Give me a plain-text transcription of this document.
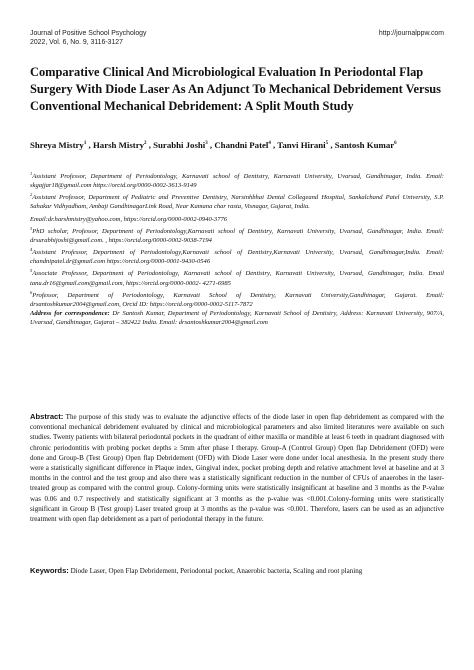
Journal of Positive School Psychology
2022, Vol. 6, No. 9, 3116-3127
http://journalppw.com
Comparative Clinical And Microbiological Evaluation In Periodontal Flap Surgery With Diode Laser As An Adjunct To Mechanical Debridement Versus Conventional Mechanical Debridement: A Split Mouth Study
Shreya Mistry$^1$ , Harsh Mistry$^2$ , Surabhi Joshi$^3$ , Chandni Patel$^4$ , Tanvi Hirani$^5$ , Santosh Kumar$^6$

$^1$Assistant Professor, Department of Periodontology, Karnavati school of Dentistry, Karnavati University, Uvarsad, Gandhinagar, India. Email: skgajjar18@gmail.com https://orcid.org/0000-0002-3613-9149

$^2$Assistant Professor, Department of Pediatric and Preventive Dentistry, Narsinhbhai Dental Collegeand Hospital, Sankalchand Patel University, S.P. Sahakar Vidhyadham, Ambaji GandhinagarLink Road, Near Kamana char rasta, Visnagar, Gujarat, India.

Email:dr.harshmistry@yahoo.com, https://orcid.org/0000-0002-0940-3776

$^3$PhD scholar, Professor, Department of Periodontology,Karnavati school of Dentistry, Karnavati University, Uvarsad, Gandhinagar, India. Email: drsurabhijoshi@gmail.com. , https://orcid.org/0000-0002-9038-7194

$^4$Assistant Professor, Department of Periodontology,Karnavati school of Dentistry,Karnavati University, Uvarsad, Gandhinagar,India. Email: chandnipatel.dr@gmail.com https://orcid.org/0000-0001-9430-0546

$^5$Associate Professor, Department of Periodontology, Karnavati school of Dentistry, Karnavati University, Uvarsad, Gandhinagar, India. Email tanu.dr16@gmail.com@gmail.com, https://orcid.org/0000-0002- 4271-6985

$^6$Professor, Department of Periodontology, Karnavati School of Dentistry, Karnavati University,Gandhinagar, Gujarat. Email: drsantoshkumar2004@gmail.com, Orcid ID: https://orcid.org/0000-0002-5117-7872

Address for correspondence: Dr Santosh Kumar, Department of Periodontology, Karnavati School of Dentistry, Address: Karnavati University, 907/A, Uvarsad, Gandhinagar, Gujarat – 382422 India. Email: drsantoshkumar2004@gmail.com

Abstract: The purpose of this study was to evaluate the adjunctive effects of the diode laser in open flap debridement as compared with the conventional mechanical debridement evaluated by clinical and microbiological parameters and also limited literatures were available on such studies. Twenty patients with bilateral periodontal pockets in the quadrant of either maxilla or mandible at least 6 teeth in quadrant diagnosed with chronic periodontitis with probing pocket depths ≥ 5mm after phase I therapy. Group-A (Control Group) Open flap Debridement (OFD) were done and Group-B (Test Group) Open flap Debridement (OFD) with Diode Laser were done under local anesthesia. In the present study there were a statistically significant difference in Plaque index, Gingival index, pocket probing depth and relative attachment level at baseline and at 3 months in the control and the test group and also there was a statistically significant reduction in the number of CFUs of anaerobes in the laser-treated group as compared with the control group. Colony-forming units were statistically insignificant at baseline and 3 months as the P-value was 0.06 and 0.7 respectively and statistically significant at 3 months as the p-value was <0.001.Colony-forming units were statistically significant in Group B (Test group) Laser treated group at 3 months as the p-value was <0.001. Therefore, lasers can be used as an adjunctive treatment with open flap debridement as a part of periodontal therapy in the future.

Keywords: Diode Laser, Open Flap Debridement, Periodontal pocket, Anaerobic bacteria, Scaling and root planing
